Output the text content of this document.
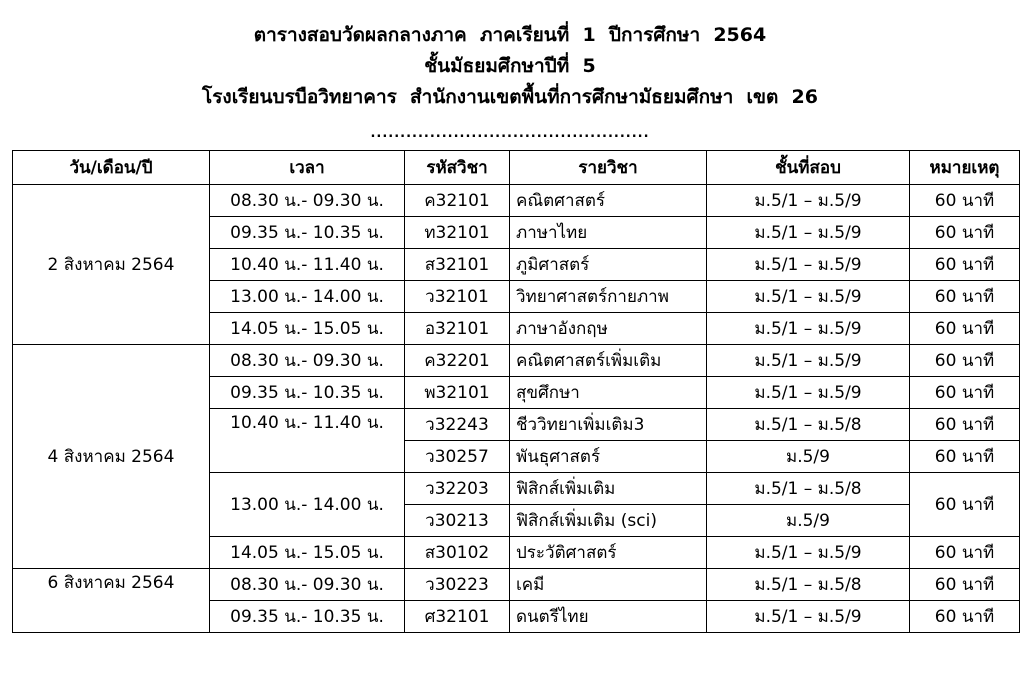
ตารางสอบวัดผลกลางภาค  ภาคเรียนที่  1  ปีการศึกษา  2564
ชั้นมัธยมศึกษาปีที่  5
โรงเรียนบรบือวิทยาคาร  สำนักงานเขตพื้นที่การศึกษามัธยมศึกษา  เขต  26
...............................................
วัน/เดือน/ปี	เวลา	รหัสวิชา	รายวิชา	ชั้นที่สอบ	หมายเหตุ
2 สิงหาคม 2564	08.30 น.- 09.30 น.	ค32101	คณิตศาสตร์	ม.5/1 – ม.5/9	60 นาที
	09.35 น.- 10.35 น.	ท32101	ภาษาไทย	ม.5/1 – ม.5/9	60 นาที
	10.40 น.- 11.40 น.	ส32101	ภูมิศาสตร์	ม.5/1 – ม.5/9	60 นาที
	13.00 น.- 14.00 น.	ว32101	วิทยาศาสตร์กายภาพ	ม.5/1 – ม.5/9	60 นาที
	14.05 น.- 15.05 น.	อ32101	ภาษาอังกฤษ	ม.5/1 – ม.5/9	60 นาที
4 สิงหาคม 2564	08.30 น.- 09.30 น.	ค32201	คณิตศาสตร์เพิ่มเติม	ม.5/1 – ม.5/9	60 นาที
	09.35 น.- 10.35 น.	พ32101	สุขศึกษา	ม.5/1 – ม.5/9	60 นาที
	10.40 น.- 11.40 น.	ว32243	ชีววิทยาเพิ่มเติม3	ม.5/1 – ม.5/8	60 นาที
		ว30257	พันธุศาสตร์	ม.5/9	60 นาที
	13.00 น.- 14.00 น.	ว32203	ฟิสิกส์เพิ่มเติม	ม.5/1 – ม.5/8	60 นาที
		ว30213	ฟิสิกส์เพิ่มเติม (sci)	ม.5/9	
	14.05 น.- 15.05 น.	ส30102	ประวัติศาสตร์	ม.5/1 – ม.5/9	60 นาที
6 สิงหาคม 2564	08.30 น.- 09.30 น.	ว30223	เคมี	ม.5/1 – ม.5/8	60 นาที
	09.35 น.- 10.35 น.	ศ32101	ดนตรีไทย	ม.5/1 – ม.5/9	60 นาที
